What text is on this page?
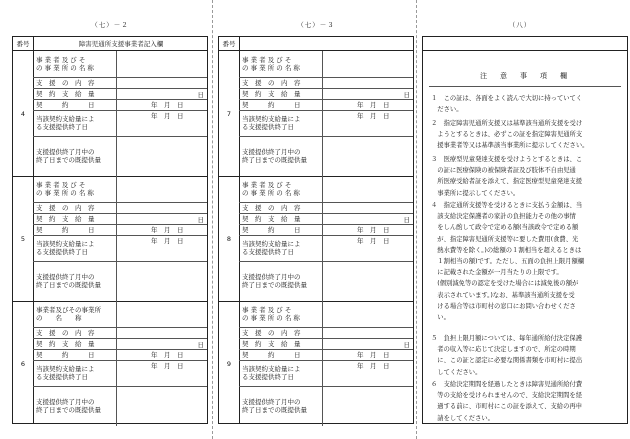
（七）－２	（七）－３	（八）
番号	障害児通所支援事業者記入欄
4
事 業 者 及 び そ
の 事 業 所 の 名 称
支　援　の　内　容
契　約　支　給　量	日
契　　　約　　　日	年　月　日
当該契約支給量によ
る支援提供終了日
年　月　日
支援提供終了月中の
終了日までの既提供量
5
事 業 者 及 び そ
の 事 業 所 の 名 称
支　援　の　内　容
契　約　支　給　量	日
契　　　約　　　日	年　月　日
当該契約支給量によ
る支援提供終了日
年　月　日
支援提供終了月中の
終了日までの既提供量
6
事業者及びその事業所
の　　名　　称
支　援　の　内　容
契　約　支　給　量	日
契　　　約　　　日	年　月　日
当該契約支給量によ
る支援提供終了日
年　月　日
支援提供終了月中の
終了日までの既提供量
番号
7
事 業 者 及 び そ
の 事 業 所 の 名 称
支　援　の　内　容
契　約　支　給　量	日
契　　　約　　　日	年　月　日
当該契約支給量によ
る支援提供終了日
年　月　日
支援提供終了月中の
終了日までの既提供量
8
事 業 者 及 び そ
の 事 業 所 の 名 称
支　援　の　内　容
契　約　支　給　量	日
契　　　約　　　日	年　月　日
当該契約支給量によ
る支援提供終了日
年　月　日
支援提供終了月中の
終了日までの既提供量
9
事 業 者 及 び そ
の 事 業 所 の 名 称
支　援　の　内　容
契　約　支　給　量	日
契　　　約　　　日	年　月　日
当該契約支給量によ
る支援提供終了日
年　月　日
支援提供終了月中の
終了日までの既提供量
注　意　事　項　欄
１　この証は、各面をよく読んで大切に持っていてく
　ださい。
２　指定障害児通所支援又は基準該当通所支援を受け
　ようとするときは、必ずこの証を指定障害児通所支
　援事業者等又は基準該当事業所に提示してください。
３　医療型児童発達支援を受けようとするときは、こ
　の証に医療保険の被保険者証及び肢体不自由児通
　所医療受給者証を添えて、指定医療型児童発達支援
　事業所に提示してください。
４　指定通所支援等を受けるときに支払う金額は、当
　該支給決定保護者の家計の負担能力その他の事情
　をしん酌して政令で定める額(当該政令で定める額
　が、指定障害児通所支援等に要した費用(食費、光
　熱水費等を除く。)の総額の１割相当を超えるときは
　１割相当の額)です。ただし、五面の負担上限月額欄
　に記載された金額が一月当たりの上限です。
　(個別減免等の認定を受けた場合には減免後の額が
　表示されています。)なお、基準該当通所支援を受
　ける場合等は市町村の窓口にお問い合わせくださ
　い。
５　負担上限月額については、毎年通所給付決定保護
　者の収入等に応じて決定しますので、所定の時期
　に、この証と認定に必要な関係書類を市町村に提出
　してください。
６　支給決定期間を経過したときは障害児通所給付費
　等の支給を受けられませんので、支給決定期間を経
　過する前に、市町村にこの証を添えて、支給の再申
　請をしてください。
